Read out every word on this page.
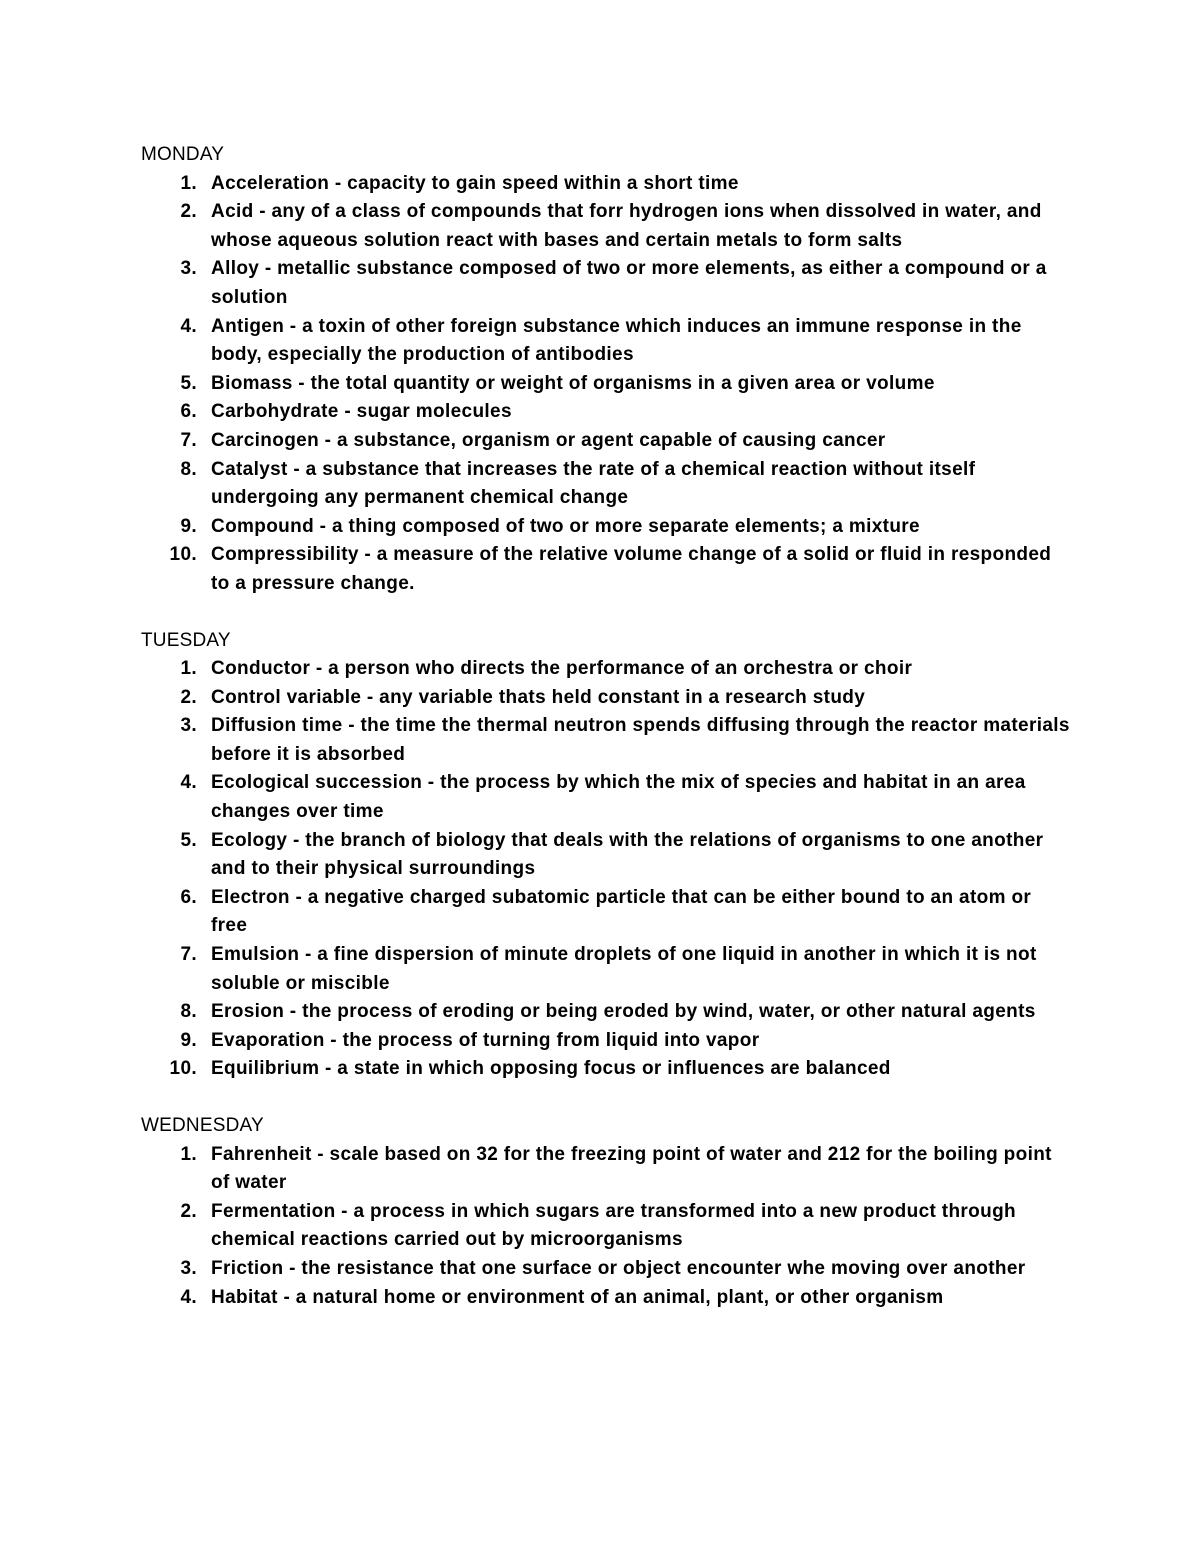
MONDAY
1. Acceleration - capacity to gain speed within a short time
2. Acid - any of a class of compounds that forr hydrogen ions when dissolved in water, and whose aqueous solution react with bases and certain metals to form salts
3. Alloy - metallic substance composed of two or more elements, as either a compound or a solution
4. Antigen - a toxin of other foreign substance which induces an immune response in the body, especially the production of antibodies
5. Biomass - the total quantity or weight of organisms in a given area or volume
6. Carbohydrate - sugar molecules
7. Carcinogen - a substance, organism or agent capable of causing cancer
8. Catalyst - a substance that increases the rate of a chemical reaction without itself undergoing any permanent chemical change
9. Compound - a thing composed of two or more separate elements; a mixture
10. Compressibility - a measure of the relative volume change of a solid or fluid in responded to a pressure change.
TUESDAY
1. Conductor - a person who directs the performance of an orchestra or choir
2. Control variable - any variable thats held constant in a research study
3. Diffusion time - the time the thermal neutron spends diffusing through the reactor materials before it is absorbed
4. Ecological succession - the process by which the mix of species and habitat in an area changes over time
5. Ecology - the branch of biology that deals with the relations of organisms to one another and to their physical surroundings
6. Electron - a negative charged subatomic particle that can be either bound to an atom or free
7. Emulsion - a fine dispersion of minute droplets of one liquid in another in which it is not soluble or miscible
8. Erosion - the process of eroding or being eroded by wind, water, or other natural agents
9. Evaporation - the process of turning from liquid into vapor
10. Equilibrium - a state in which opposing focus or influences are balanced
WEDNESDAY
1. Fahrenheit - scale based on 32 for the freezing point of water and 212 for the boiling point of water
2. Fermentation - a process in which sugars are transformed into a new product through chemical reactions carried out by microorganisms
3. Friction - the resistance that one surface or object encounter whe moving over another
4. Habitat - a natural home or environment of an animal, plant, or other organism
